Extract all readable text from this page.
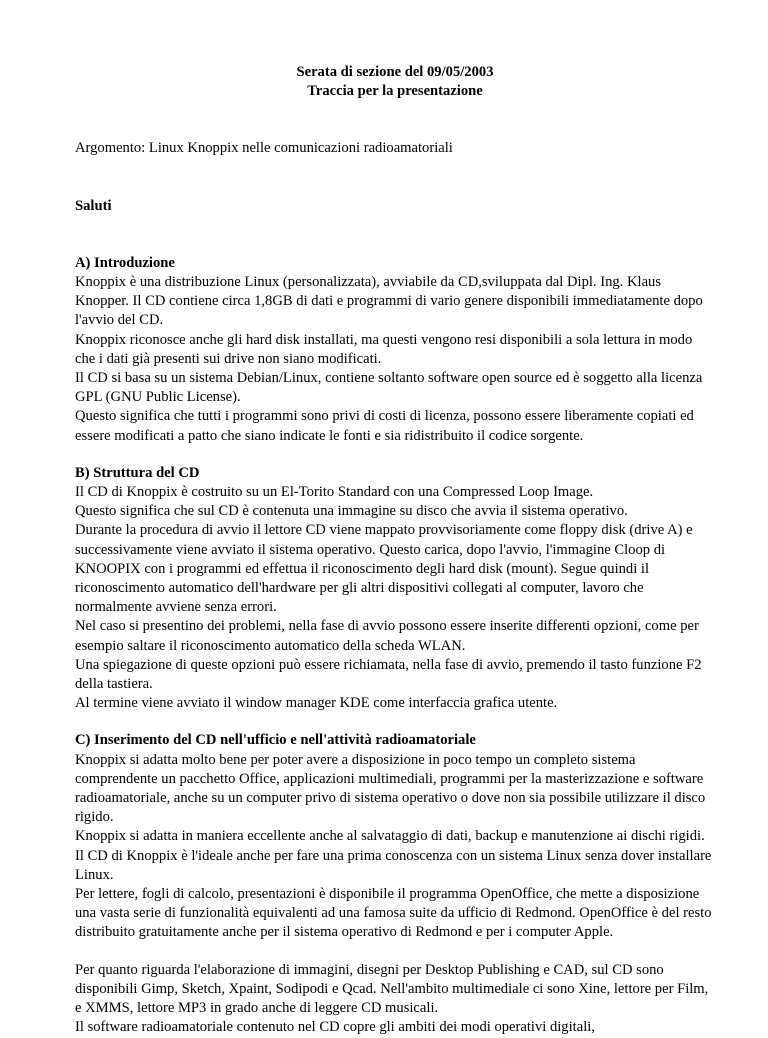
Serata di sezione del 09/05/2003
Traccia per la presentazione
Argomento: Linux Knoppix nelle comunicazioni radioamatoriali
Saluti
A) Introduzione
Knoppix è una distribuzione Linux (personalizzata), avviabile da CD,sviluppata dal Dipl. Ing. Klaus Knopper. Il CD contiene circa 1,8GB di dati e programmi di vario genere disponibili immediatamente dopo l'avvio del CD.
Knoppix riconosce anche gli hard disk installati, ma questi vengono resi disponibili a sola lettura in modo che i dati già presenti sui drive non siano modificati.
Il CD si basa su un sistema Debian/Linux, contiene soltanto software open source ed è soggetto alla licenza GPL (GNU Public License).
Questo significa che tutti i programmi sono privi di costi di licenza, possono essere liberamente copiati ed essere modificati a patto che siano indicate le fonti e sia ridistribuito il codice sorgente.
B) Struttura del CD
Il CD di Knoppix è costruito su un El-Torito Standard con una Compressed Loop Image.
Questo significa che sul CD è contenuta una immagine su disco che avvia il sistema operativo.
Durante la procedura di avvio il lettore CD viene mappato provvisoriamente come floppy disk (drive A) e successivamente viene avviato il sistema operativo. Questo carica, dopo l'avvio, l'immagine Cloop di KNOOPIX con i programmi ed effettua il riconoscimento degli hard disk (mount). Segue quindi il riconoscimento automatico dell'hardware per gli altri dispositivi collegati al computer, lavoro che normalmente avviene senza errori.
Nel caso si presentino dei problemi, nella fase di avvio possono essere inserite differenti opzioni, come per esempio saltare il riconoscimento automatico della scheda WLAN.
Una spiegazione di queste opzioni può essere richiamata, nella fase di avvio, premendo il tasto funzione F2 della tastiera.
Al termine viene avviato il window manager KDE come interfaccia grafica utente.
C) Inserimento del CD nell'ufficio e nell'attività radioamatoriale
Knoppix si adatta molto bene per poter avere a disposizione in poco tempo un completo sistema comprendente un pacchetto Office, applicazioni multimediali, programmi per la masterizzazione e software radioamatoriale, anche su un computer privo di sistema operativo o dove non sia possibile utilizzare il disco rigido.
Knoppix si adatta in maniera eccellente anche al salvataggio di dati, backup e manutenzione ai dischi rigidi. Il CD di Knoppix è l'ideale anche per fare una prima conoscenza con un sistema Linux senza dover installare Linux.
Per lettere, fogli di calcolo, presentazioni è disponibile il programma OpenOffice, che mette a disposizione una vasta serie di funzionalità equivalenti ad una famosa suite da ufficio di Redmond. OpenOffice è del resto distribuito gratuitamente anche per il sistema operativo di Redmond e per i computer Apple.
Per quanto riguarda l'elaborazione di immagini, disegni per Desktop Publishing e CAD, sul CD sono disponibili Gimp, Sketch, Xpaint, Sodipodi e Qcad. Nell'ambito multimediale ci sono Xine, lettore per Film, e XMMS, lettore MP3 in grado anche di leggere CD musicali.
Il software radioamatoriale contenuto nel CD copre gli ambiti dei modi operativi digitali,
